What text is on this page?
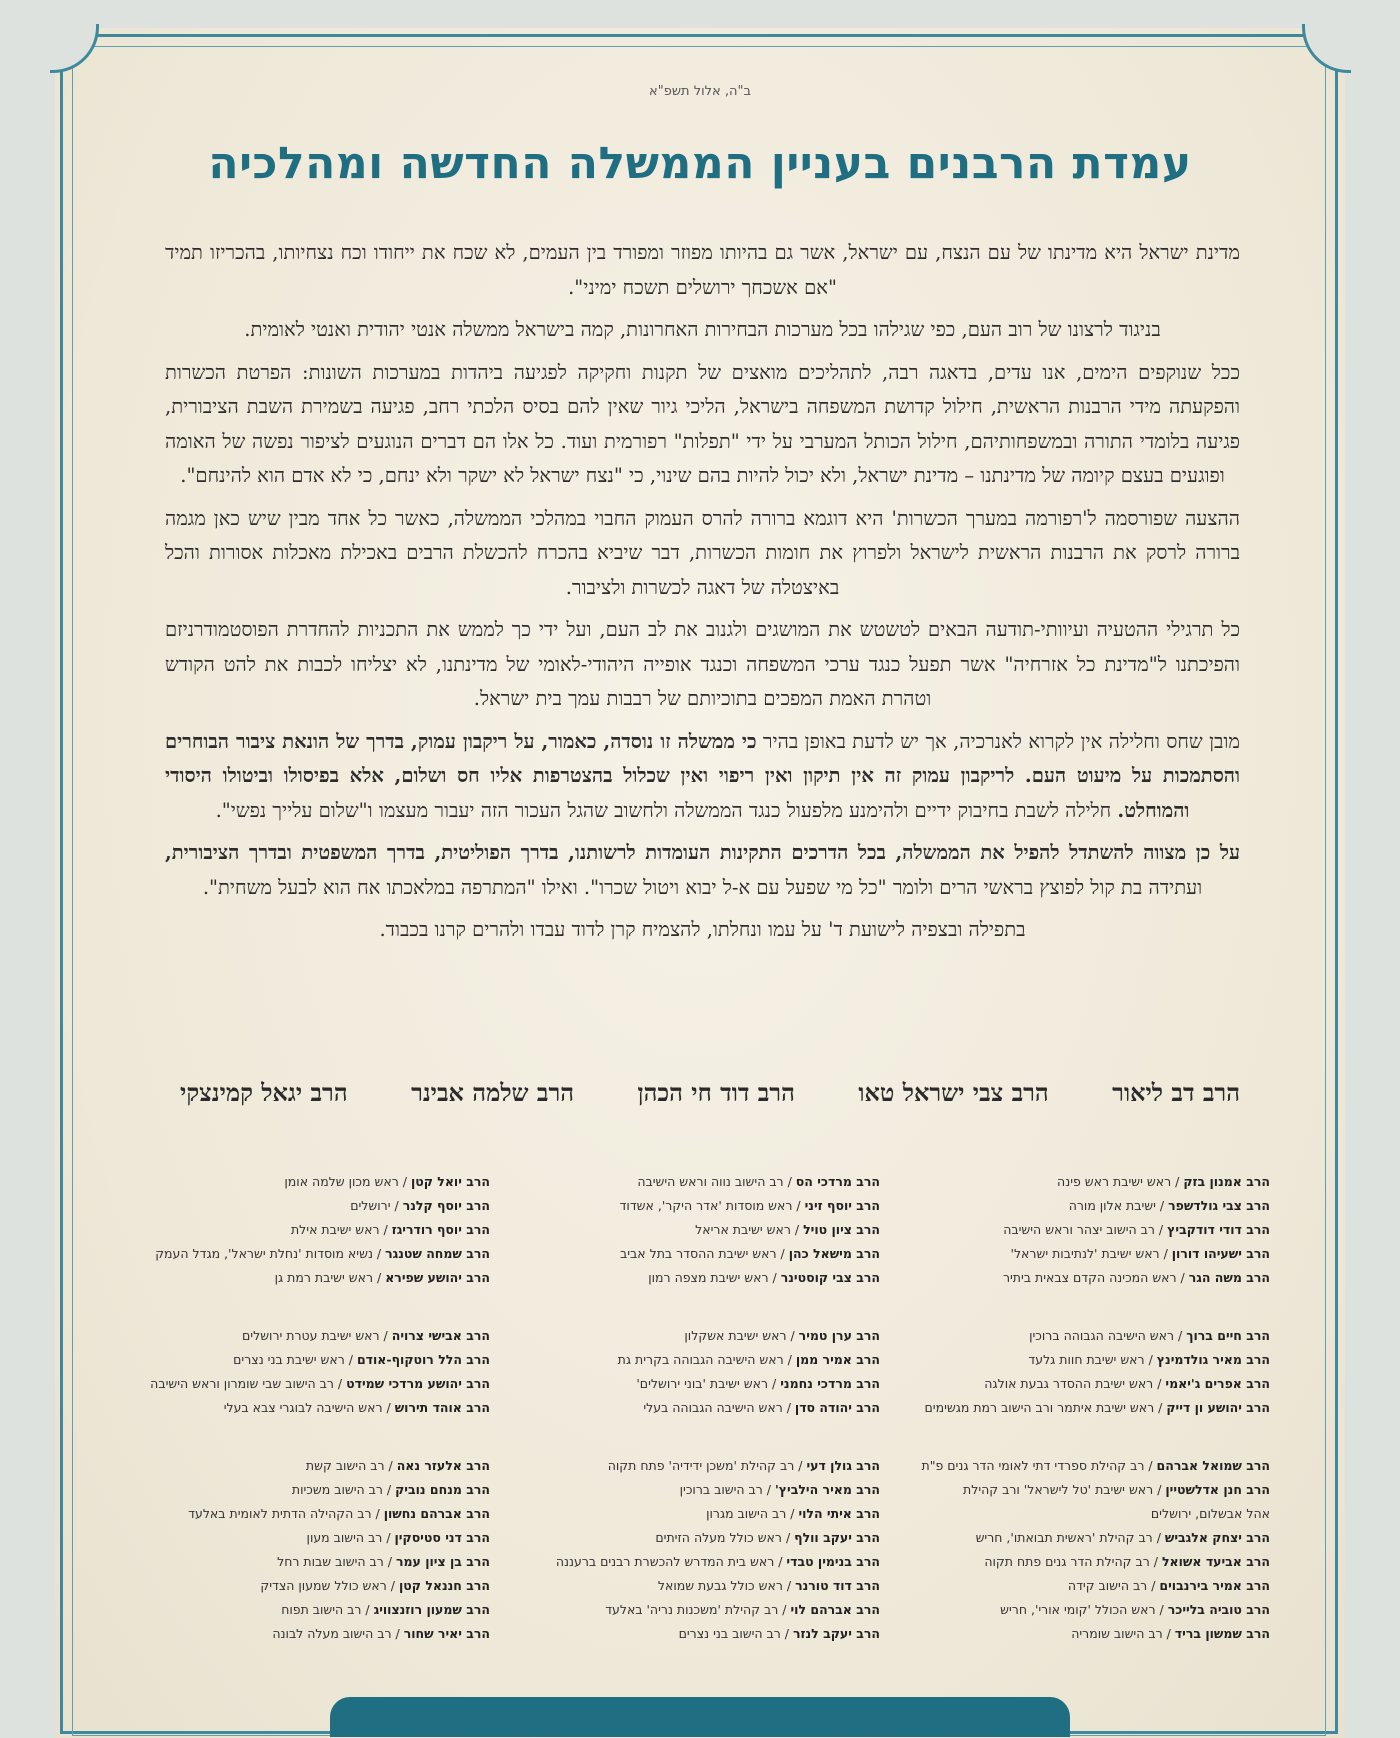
ב"ה, אלול תשפ"א
עמדת הרבנים בעניין הממשלה החדשה ומהלכיה

מדינת ישראל היא מדינתו של עם הנצח, עם ישראל, אשר גם בהיותו מפוזר ומפורד בין העמים, לא שכח את ייחודו וכח נצחיותו, בהכריזו תמיד "אם אשכחך ירושלים תשכח ימיני".

בניגוד לרצונו של רוב העם, כפי שגילהו בכל מערכות הבחירות האחרונות, קמה בישראל ממשלה אנטי יהודית ואנטי לאומית.

ככל שנוקפים הימים, אנו עדים, בדאגה רבה, לתהליכים מואצים של תקנות וחקיקה לפגיעה ביהדות במערכות השונות: הפרטת הכשרות והפקעתה מידי הרבנות הראשית, חילול קדושת המשפחה בישראל, הליכי גיור שאין להם בסיס הלכתי רחב, פגיעה בשמירת השבת הציבורית, פגיעה בלומדי התורה ובמשפחותיהם, חילול הכותל המערבי על ידי "תפלות" רפורמית ועוד. כל אלו הם דברים הנוגעים לציפור נפשה של האומה ופוגעים בעצם קיומה של מדינתנו – מדינת ישראל, ולא יכול להיות בהם שינוי, כי "נצח ישראל לא ישקר ולא ינחם, כי לא אדם הוא להינחם".

ההצעה שפורסמה ל'רפורמה במערך הכשרות' היא דוגמא ברורה להרס העמוק החבוי במהלכי הממשלה, כאשר כל אחד מבין שיש כאן מגמה ברורה לרסק את הרבנות הראשית לישראל ולפרוץ את חומות הכשרות, דבר שיביא בהכרח להכשלת הרבים באכילת מאכלות אסורות והכל באיצטלה של דאגה לכשרות ולציבור.

כל תרגילי ההטעיה ועיוותי-תודעה הבאים לטשטש את המושגים ולגנוב את לב העם, ועל ידי כך לממש את התכניות להחדרת הפוסטמודרניזם והפיכתנו ל"מדינת כל אזרחיה" אשר תפעל כנגד ערכי המשפחה וכנגד אופייה היהודי-לאומי של מדינתנו, לא יצליחו לכבות את להט הקודש וטהרת האמת המפכים בתוכיותם של רבבות עמך בית ישראל.

מובן שחס וחלילה אין לקרוא לאנרכיה, אך יש לדעת באופן בהיר כי ממשלה זו נוסדה, כאמור, על ריקבון עמוק, בדרך של הונאת ציבור הבוחרים והסתמכות על מיעוט העם. לריקבון עמוק זה אין תיקון ואין ריפוי ואין שכלול בהצטרפות אליו חס ושלום, אלא בפיסולו וביטולו היסודי והמוחלט. חלילה לשבת בחיבוק ידיים ולהימנע מלפעול כנגד הממשלה ולחשוב שהגל העכור הזה יעבור מעצמו ו"שלום עלייך נפשי".

על כן מצווה להשתדל להפיל את הממשלה, בכל הדרכים התקינות העומדות לרשותנו, בדרך הפוליטית, בדרך המשפטית ובדרך הציבורית, ועתידה בת קול לפוצץ בראשי הרים ולומר "כל מי שפעל עם א-ל יבוא ויטול שכרו". ואילו "המתרפה במלאכתו אח הוא לבעל משחית".

בתפילה ובצפיה לישועת ד' על עמו ונחלתו, להצמיח קרן לדוד עבדו ולהרים קרנו בכבוד.

הרב דב ליאור
הרב צבי ישראל טאו
הרב דוד חי הכהן
הרב שלמה אבינר
הרב יגאל קמינצקי
הרב אמנון בזק / ראש ישיבת ראש פינה
הרב צבי גולדשפר / ישיבת אלון מורה
הרב דודי דודקביץ / רב הישוב יצהר וראש הישיבה
הרב ישעיהו דורון / ראש ישיבת 'לנתיבות ישראל'
הרב משה הגר / ראש המכינה הקדם צבאית ביתיר
הרב חיים ברוך / ראש הישיבה הגבוהה ברוכין
הרב מאיר גולדמינץ / ראש ישיבת חוות גלעד
הרב אפרים ג'יאמי / ראש ישיבת ההסדר גבעת אולגה
הרב יהושע ון דייק / ראש ישיבת איתמר ורב הישוב רמת מגשימים
הרב שמואל אברהם / רב קהילת ספרדי דתי לאומי הדר גנים פ"ת
הרב חנן אדלשטיין / ראש ישיבת 'טל לישראל' ורב קהילת
אהל אבשלום, ירושלים
הרב יצחק אלגביש / רב קהילת 'ראשית תבואתו', חריש
הרב אביעד אשואל / רב קהילת הדר גנים פתח תקוה
הרב אמיר בירנבוים / רב הישוב קידה
הרב טוביה בלייכר / ראש הכולל 'קומי אורי', חריש
הרב שמשון בריד / רב הישוב שומריה
הרב מרדכי הס / רב הישוב נווה וראש הישיבה
הרב יוסף זיני / ראש מוסדות 'אדר היקר', אשדוד
הרב ציון טויל / ראש ישיבת אריאל
הרב מישאל כהן / ראש ישיבת ההסדר בתל אביב
הרב צבי קוסטינר / ראש ישיבת מצפה רמון
הרב ערן טמיר / ראש ישיבת אשקלון
הרב אמיר ממן / ראש הישיבה הגבוהה בקרית גת
הרב מרדכי נחמני / ראש ישיבת 'בוני ירושלים'
הרב יהודה סדן / ראש הישיבה הגבוהה בעלי
הרב גולן דעי / רב קהילת 'משכן ידידיה' פתח תקוה
הרב מאיר הילביץ' / רב הישוב ברוכין
הרב איתי הלוי / רב הישוב מגרון
הרב יעקב וולף / ראש כולל מעלה הזיתים
הרב בנימין טבדי / ראש בית המדרש להכשרת רבנים ברעננה
הרב דוד טורנר / ראש כולל גבעת שמואל
הרב אברהם לוי / רב קהילת 'משכנות נריה' באלעד
הרב יעקב לנזר / רב הישוב בני נצרים
הרב יואל קטן / ראש מכון שלמה אומן
הרב יוסף קלנר / ירושלים
הרב יוסף רודריגז / ראש ישיבת אילת
הרב שמחה שטנגר / נשיא מוסדות 'נחלת ישראל', מגדל העמק
הרב יהושע שפירא / ראש ישיבת רמת גן
הרב אבישי צרויה / ראש ישיבת עטרת ירושלים
הרב הלל רוטקוף-אודם / ראש ישיבת בני נצרים
הרב יהושע מרדכי שמידט / רב הישוב שבי שומרון וראש הישיבה
הרב אוהד תירוש / ראש הישיבה לבוגרי צבא בעלי
הרב אלעזר נאה / רב הישוב קשת
הרב מנחם נוביק / רב הישוב משכיות
הרב אברהם נחשון / רב הקהילה הדתית לאומית באלעד
הרב דני סטיסקין / רב הישוב מעון
הרב בן ציון עמר / רב הישוב שבות רחל
הרב חננאל קטן / ראש כולל שמעון הצדיק
הרב שמעון רוזנצוויג / רב הישוב תפוח
הרב יאיר שחור / רב הישוב מעלה לבונה
